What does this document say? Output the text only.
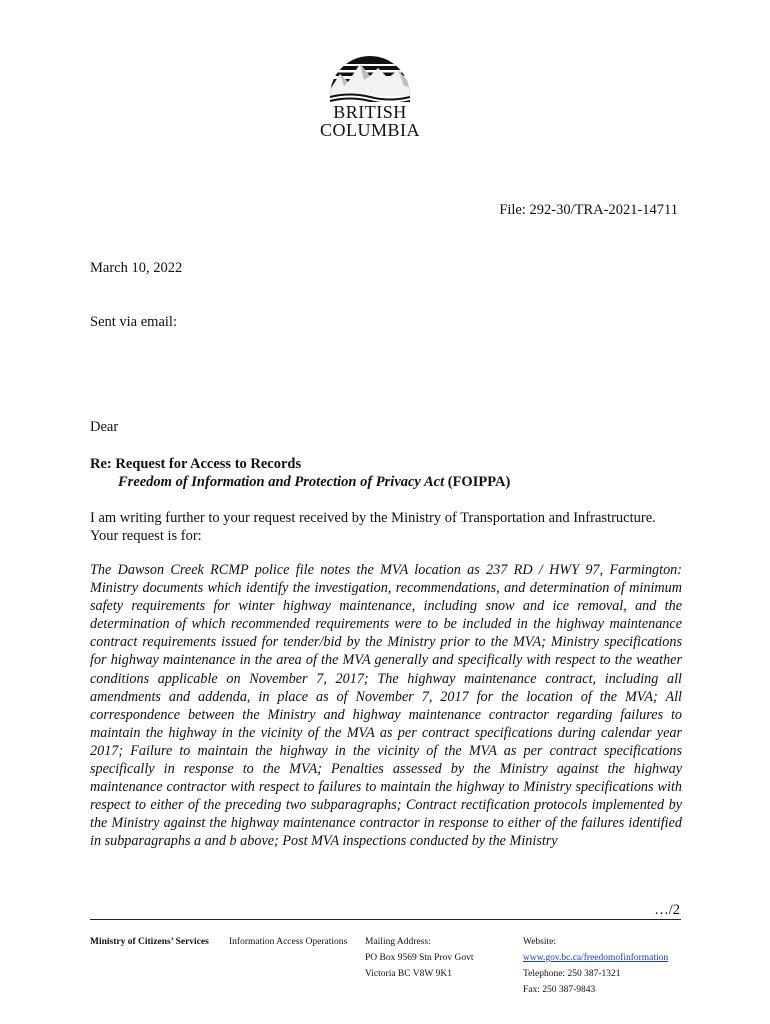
BRITISH
COLUMBIA
File: 292-30/TRA-2021-14711
March 10, 2022
Sent via email:
Dear
Re: Request for Access to Records
Freedom of Information and Protection of Privacy Act (FOIPPA)
I am writing further to your request received by the Ministry of Transportation and Infrastructure. Your request is for:
The Dawson Creek RCMP police file notes the MVA location as 237 RD / HWY 97, Farmington: Ministry documents which identify the investigation, recommendations, and determination of minimum safety requirements for winter highway maintenance, including snow and ice removal, and the determination of which recommended requirements were to be included in the highway maintenance contract requirements issued for tender/bid by the Ministry prior to the MVA; Ministry specifications for highway maintenance in the area of the MVA generally and specifically with respect to the weather conditions applicable on November 7, 2017; The highway maintenance contract, including all amendments and addenda, in place as of November 7, 2017 for the location of the MVA; All correspondence between the Ministry and highway maintenance contractor regarding failures to maintain the highway in the vicinity of the MVA as per contract specifications during calendar year 2017; Failure to maintain the highway in the vicinity of the MVA as per contract specifications specifically in response to the MVA; Penalties assessed by the Ministry against the highway maintenance contractor with respect to failures to maintain the highway to Ministry specifications with respect to either of the preceding two subparagraphs; Contract rectification protocols implemented by the Ministry against the highway maintenance contractor in response to either of the failures identified in subparagraphs a and b above; Post MVA inspections conducted by the Ministry
…/2
Ministry of Citizens’ Services Information Access Operations Mailing Address:
PO Box 9569 Stn Prov Govt
Victoria BC V8W 9K1
Website:
www.gov.bc.ca/freedomofinformation
Telephone: 250 387-1321
Fax: 250 387-9843
